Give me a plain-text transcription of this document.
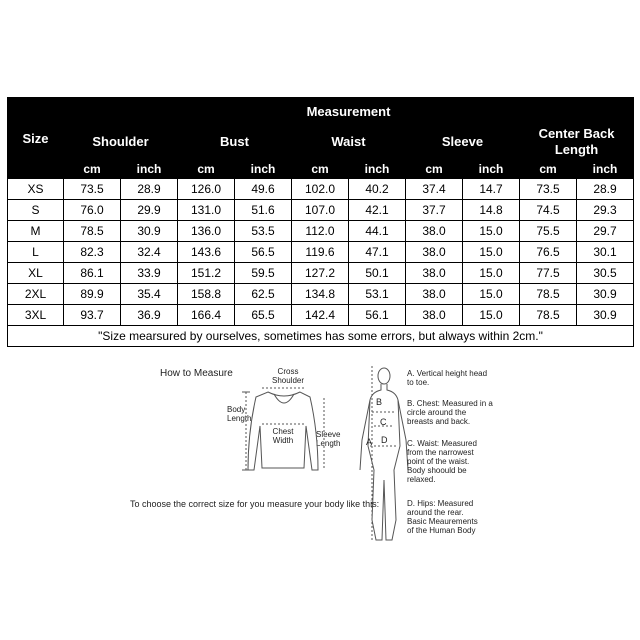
Size	Measurement									
	Shoulder		Bust		Waist		Sleeve		Center Back Length	
	cm	inch	cm	inch	cm	inch	cm	inch	cm	inch
XS	73.5	28.9	126.0	49.6	102.0	40.2	37.4	14.7	73.5	28.9
S	76.0	29.9	131.0	51.6	107.0	42.1	37.7	14.8	74.5	29.3
M	78.5	30.9	136.0	53.5	112.0	44.1	38.0	15.0	75.5	29.7
L	82.3	32.4	143.6	56.5	119.6	47.1	38.0	15.0	76.5	30.1
XL	86.1	33.9	151.2	59.5	127.2	50.1	38.0	15.0	77.5	30.5
2XL	89.9	35.4	158.8	62.5	134.8	53.1	38.0	15.0	78.5	30.9
3XL	93.7	36.9	166.4	65.5	142.4	56.1	38.0	15.0	78.5	30.9
"Size mearsured by ourselves, sometimes has some errors, but always within 2cm."										
How to Measure	Cross
Shoulder
Body
Length
Chest
Width
Sleeve
Length
B
C
A D
To choose the correct size for you measure your body like this:
A. Vertical height head
to toe.
B. Chest: Measured in a
circle around the
breasts and back.
C. Waist: Measured
from the narrowest
point of the waist.
Body shoould be
relaxed.
D. Hips: Measured
around the rear.
Basic Meaurements
of the Human Body
